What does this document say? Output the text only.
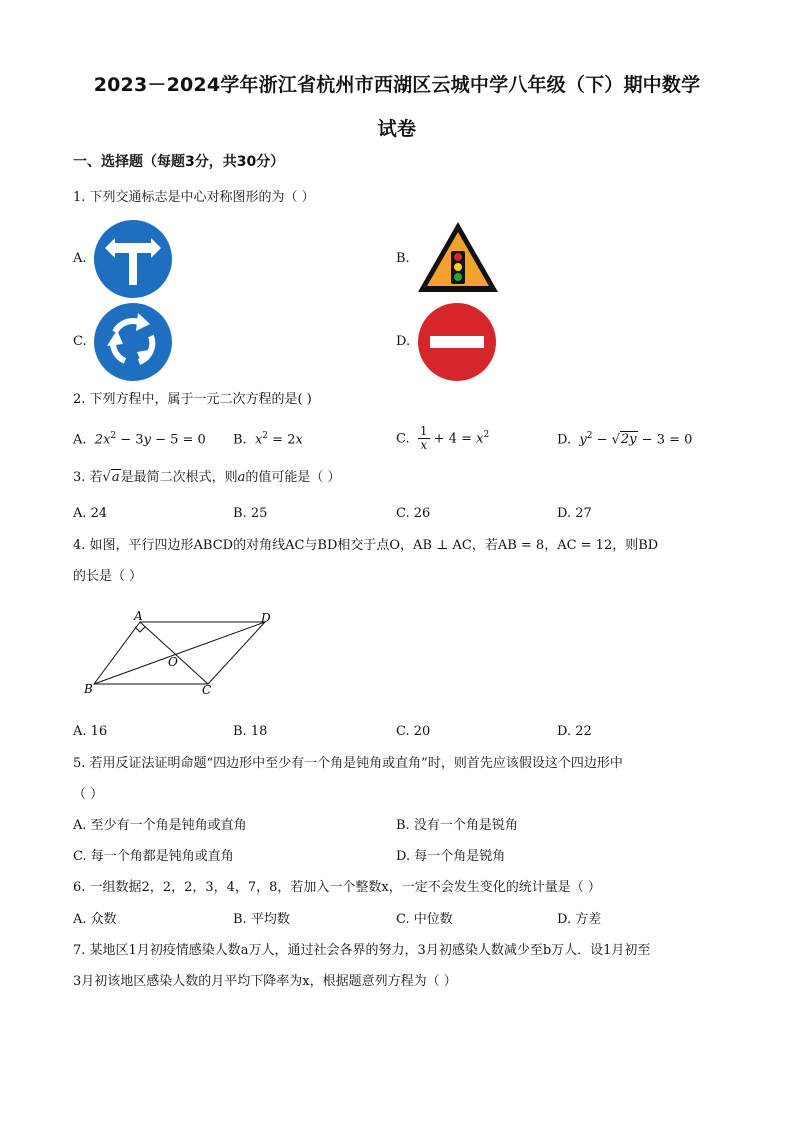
2023－2024学年浙江省杭州市西湖区云城中学八年级（下）期中数学
试卷
一、选择题（每题3分，共30分）
1. 下列交通标志是中心对称图形的为（ ）
A.	B.
C.	D.
2. 下列方程中，属于一元二次方程的是( )
A. $2x^2 - 3y - 5 = 0$ B. $x^2 = 2x$	C. $\frac{1}{x} + 4 = x^2$	D. $y^2 - √2y - 3 = 0$
3. 若√a是最简二次根式，则a的值可能是（ ）
A. 24	B. 25	C. 26	D. 27
4. 如图，平行四边形ABCD的对角线AC与BD相交于点O，AB ⊥ AC，若AB = 8，AC = 12，则BD
的长是（ ）
A	D
O
B	C
A. 16	B. 18	C. 20	D. 22
5. 若用反证法证明命题“四边形中至少有一个角是钝角或直角”时，则首先应该假设这个四边形中
（ ）
A. 至少有一个角是钝角或直角	B. 没有一个角是锐角
C. 每一个角都是钝角或直角	D. 每一个角是锐角
6. 一组数据2，2，2，3，4，7，8，若加入一个整数x，一定不会发生变化的统计量是（ ）
A. 众数	B. 平均数	C. 中位数	D. 方差
7. 某地区1月初疫情感染人数a万人，通过社会各界的努力，3月初感染人数减少至b万人．设1月初至
3月初该地区感染人数的月平均下降率为x，根据题意列方程为（ ）
